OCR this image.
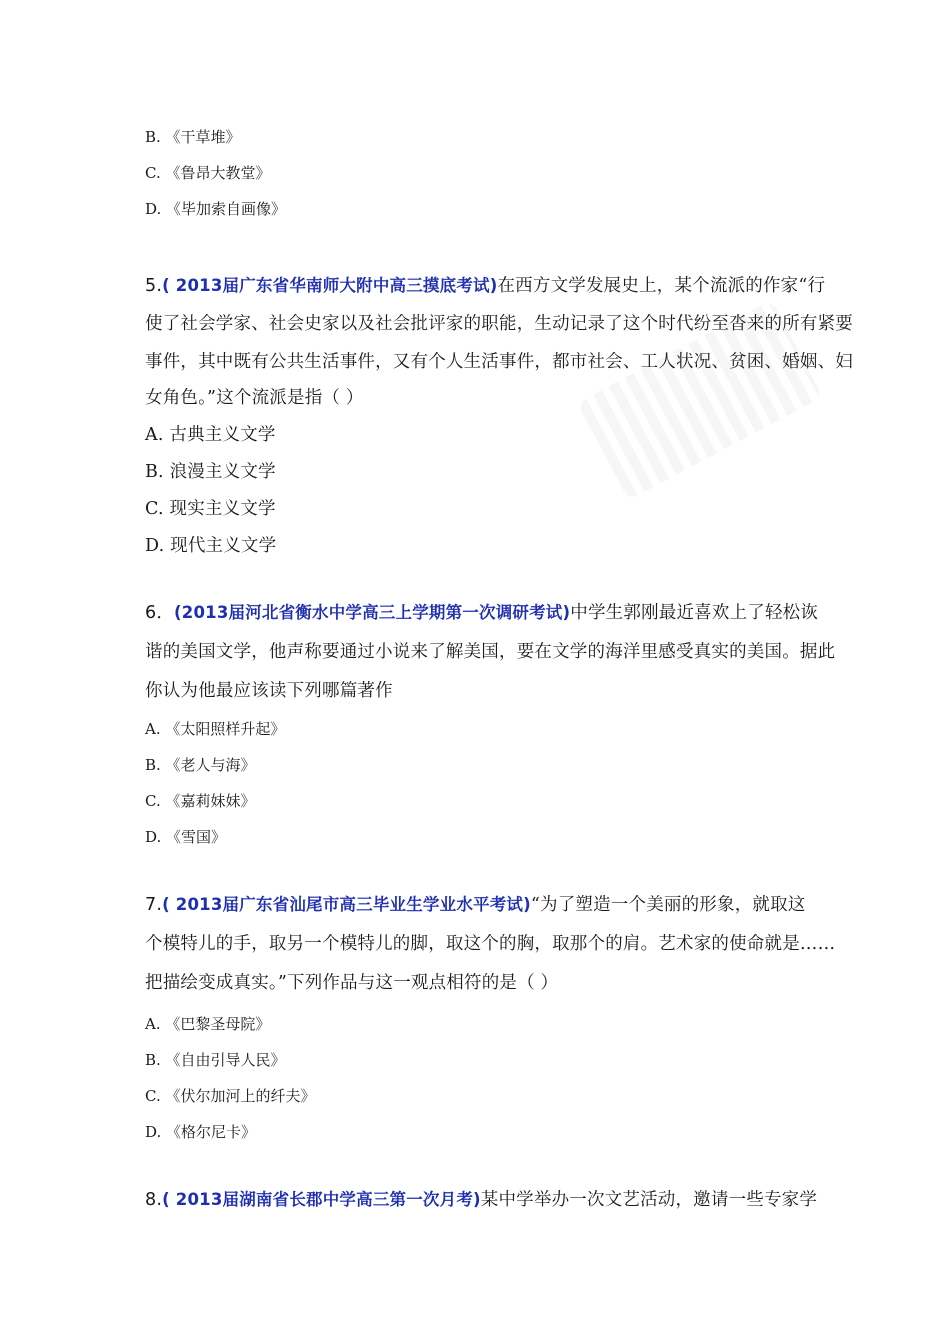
B. 《干草堆》
C. 《鲁昂大教堂》
D. 《毕加索自画像》
5.( 2013届广东省华南师大附中高三摸底考试)在西方文学发展史上，某个流派的作家“行
使了社会学家、社会史家以及社会批评家的职能，生动记录了这个时代纷至沓来的所有紧要
事件，其中既有公共生活事件，又有个人生活事件，都市社会、工人状况、贫困、婚姻、妇
女角色。”这个流派是指（ ）
A. 古典主义文学
B. 浪漫主义文学
C. 现实主义文学
D. 现代主义文学
6．(2013届河北省衡水中学高三上学期第一次调研考试)中学生郭刚最近喜欢上了轻松诙
谐的美国文学，他声称要通过小说来了解美国，要在文学的海洋里感受真实的美国。据此
你认为他最应该读下列哪篇著作
A. 《太阳照样升起》
B. 《老人与海》
C. 《嘉莉妹妹》
D. 《雪国》
7.( 2013届广东省汕尾市高三毕业生学业水平考试)“为了塑造一个美丽的形象，就取这
个模特儿的手，取另一个模特儿的脚，取这个的胸，取那个的肩。艺术家的使命就是……
把描绘变成真实。”下列作品与这一观点相符的是（ ）
A. 《巴黎圣母院》
B. 《自由引导人民》
C. 《伏尔加河上的纤夫》
D. 《格尔尼卡》
8.( 2013届湖南省长郡中学高三第一次月考)某中学举办一次文艺活动，邀请一些专家学
